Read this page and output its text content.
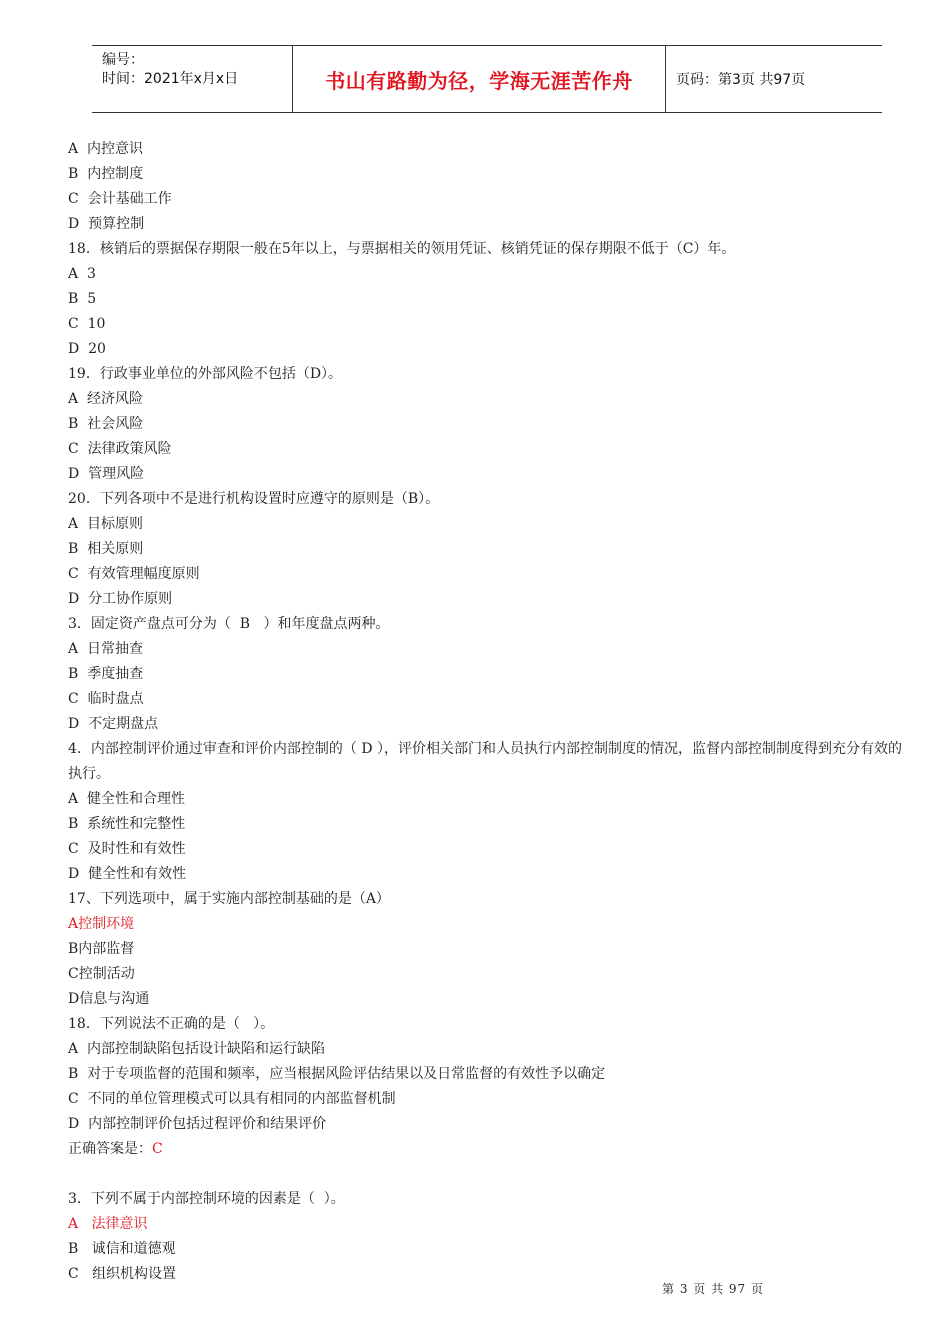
编号：
时间：2021年x月x日	书山有路勤为径，学海无涯苦作舟	页码：第3页 共97页
A  内控意识
B  内控制度
C  会计基础工作
D  预算控制
18．核销后的票据保存期限一般在5年以上，与票据相关的领用凭证、核销凭证的保存期限不低于（C）年。
A  3
B  5
C  10
D  20
19．行政事业单位的外部风险不包括（D）。
A  经济风险
B  社会风险
C  法律政策风险
D  管理风险
20．下列各项中不是进行机构设置时应遵守的原则是（B）。
A  目标原则
B  相关原则
C  有效管理幅度原则
D  分工协作原则
3．固定资产盘点可分为（  B   ）和年度盘点两种。
A  日常抽查
B  季度抽查
C  临时盘点
D  不定期盘点
4．内部控制评价通过审查和评价内部控制的（ D ），评价相关部门和人员执行内部控制制度的情况，监督内部控制制度得到充分有效的执行。
A  健全性和合理性
B  系统性和完整性
C  及时性和有效性
D  健全性和有效性
17、下列选项中，属于实施内部控制基础的是（A）
A控制环境
B内部监督
C控制活动
D信息与沟通
18．下列说法不正确的是（   ）。
A  内部控制缺陷包括设计缺陷和运行缺陷
B  对于专项监督的范围和频率，应当根据风险评估结果以及日常监督的有效性予以确定
C  不同的单位管理模式可以具有相同的内部监督机制
D  内部控制评价包括过程评价和结果评价
正确答案是：C
3．下列不属于内部控制环境的因素是（  ）。
A   法律意识
B   诚信和道德观
C   组织机构设置
第 3 页 共 97 页
